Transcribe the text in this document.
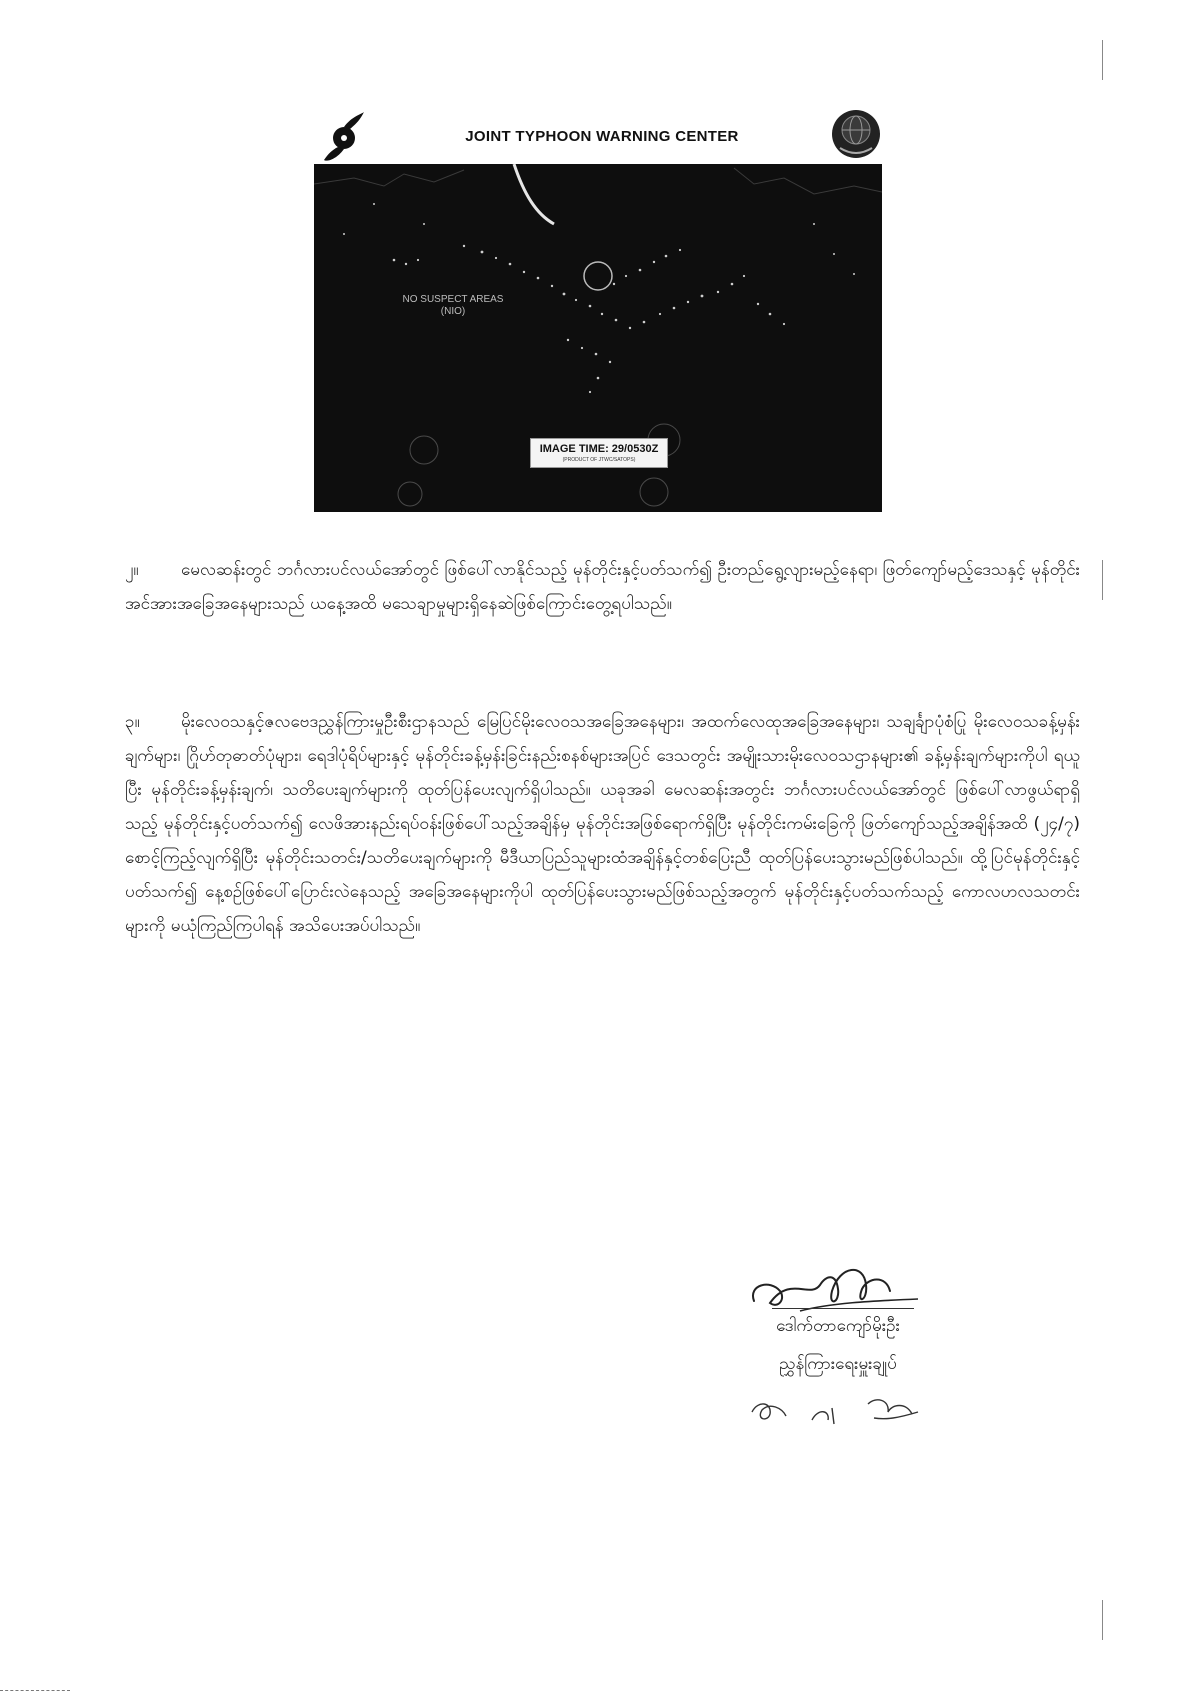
JOINT TYPHOON WARNING CENTER
NO SUSPECT AREAS
(NIO)
IMAGE TIME: 29/0530Z
(PRODUCT OF JTWC/SATOPS)
၂။	မေလဆန်းတွင် ဘင်္ဂလားပင်လယ်အော်တွင် ဖြစ်ပေါ်လာနိုင်သည့် မုန်တိုင်းနှင့်ပတ်သက်၍ ဦးတည်ရွေ့လျားမည့်နေရာ၊ ဖြတ်ကျော်မည့်ဒေသနှင့် မုန်တိုင်းအင်အားအခြေအနေများသည် ယနေ့အထိ မသေချာမှုများရှိနေဆဲဖြစ်ကြောင်းတွေ့ရပါသည်။
၃။ မိုးလေဝသနှင့်ဇလဗေဒညွှန်ကြားမှုဦးစီးဌာနသည် မြေပြင်မိုးလေဝသအခြေအနေများ၊ အထက်လေထုအခြေအနေများ၊ သချင်္ချာပုံစံပြု မိုးလေဝသခန့်မှန်းချက်များ၊ ဂြိုဟ်တုဓာတ်ပုံများ၊ ရေဒါပုံရိပ်များနှင့် မုန်တိုင်းခန့်မှန်းခြင်းနည်းစနစ်များအပြင် ဒေသတွင်း အမျိုးသားမိုးလေဝသဌာနများ၏ ခန့်မှန်းချက်များကိုပါ ရယူပြီး မုန်တိုင်းခန့်မှန်းချက်၊ သတိပေးချက်များကို ထုတ်ပြန်ပေးလျက်ရှိပါသည်။ ယခုအခါ မေလဆန်းအတွင်း ဘင်္ဂလားပင်လယ်အော်တွင် ဖြစ်ပေါ်လာဖွယ်ရာရှိသည့် မုန်တိုင်းနှင့်ပတ်သက်၍ လေဖိအားနည်းရပ်ဝန်းဖြစ်ပေါ်သည့်အချိန်မှ မုန်တိုင်းအဖြစ်ရောက်ရှိပြီး မုန်တိုင်းကမ်းခြေကို ဖြတ်ကျော်သည့်အချိန်အထိ (၂၄/၇) စောင့်ကြည့်လျက်ရှိပြီး မုန်တိုင်းသတင်း/သတိပေးချက်များကို မီဒီယာပြည်သူများထံအချိန်နှင့်တစ်ပြေးညီ ထုတ်ပြန်ပေးသွားမည်ဖြစ်ပါသည်။ ထို့ပြင်မုန်တိုင်းနှင့်ပတ်သက်၍ နေ့စဉ်ဖြစ်ပေါ်ပြောင်းလဲနေသည့် အခြေအနေများကိုပါ ထုတ်ပြန်ပေးသွားမည်ဖြစ်သည့်အတွက် မုန်တိုင်းနှင့်ပတ်သက်သည့် ကောလဟလသတင်းများကို မယုံကြည်ကြပါရန် အသိပေးအပ်ပါသည်။
ဒေါက်တာကျော်မိုးဦး
ညွှန်ကြားရေးမှူးချုပ်
